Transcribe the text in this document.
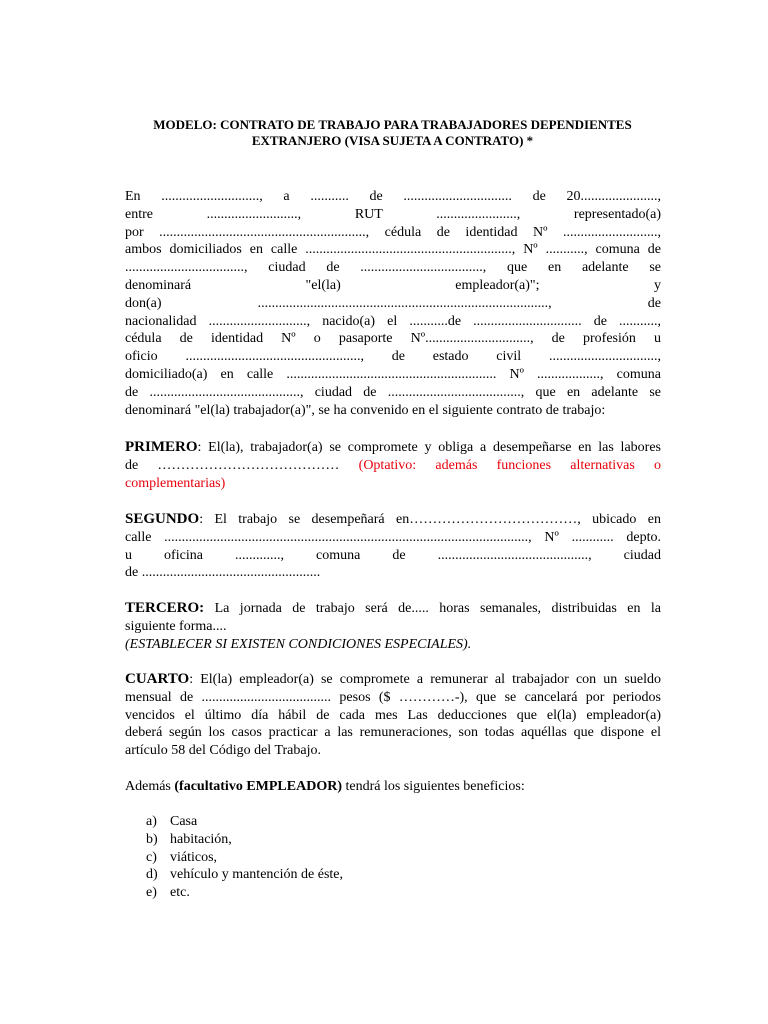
MODELO: CONTRATO DE TRABAJO PARA TRABAJADORES DEPENDIENTES
EXTRANJERO (VISA SUJETA A CONTRATO) *
En ............................, a ........... de ............................... de 20......................,
entre .........................., RUT ......................., representado(a)
por ..........................................................., cédula de identidad Nº ...........................,
ambos domiciliados en calle ..........................................................., Nº ..........., comuna de
.................................., ciudad de ..................................., que en adelante se
denominará "el(la) empleador(a)"; y
don(a) ..................................................................................., de
nacionalidad ............................, nacido(a) el ...........de ............................... de ...........,
cédula de identidad Nº o pasaporte Nº.............................., de profesión u
oficio .................................................., de estado civil ...............................,
domiciliado(a) en calle ............................................................ Nº .................., comuna
de ..........................................., ciudad de ......................................, que en adelante se
denominará "el(la) trabajador(a)", se ha convenido en el siguiente contrato de trabajo:
PRIMERO: El(la), trabajador(a) se compromete y obliga a desempeñarse en las labores
de ………………………………… (Optativo: además funciones alternativas o
complementarias)
SEGUNDO: El trabajo se desempeñará en………………………………, ubicado en
calle ........................................................................................................, Nº ............ depto.
u oficina ............., comuna de ..........................................., ciudad
de ...................................................
TERCERO: La jornada de trabajo será de..... horas semanales, distribuidas en la
siguiente forma....
(ESTABLECER SI EXISTEN CONDICIONES ESPECIALES).
CUARTO: El(la) empleador(a) se compromete a remunerar al trabajador con un sueldo
mensual de ..................................... pesos ($ …………-), que se cancelará por periodos
vencidos el último día hábil de cada mes Las deducciones que el(la) empleador(a)
deberá según los casos practicar a las remuneraciones, son todas aquéllas que dispone el
artículo 58 del Código del Trabajo.
Además (facultativo EMPLEADOR) tendrá los siguientes beneficios:
a) Casa
b) habitación,
c) viáticos,
d) vehículo y mantención de éste,
e) etc.
